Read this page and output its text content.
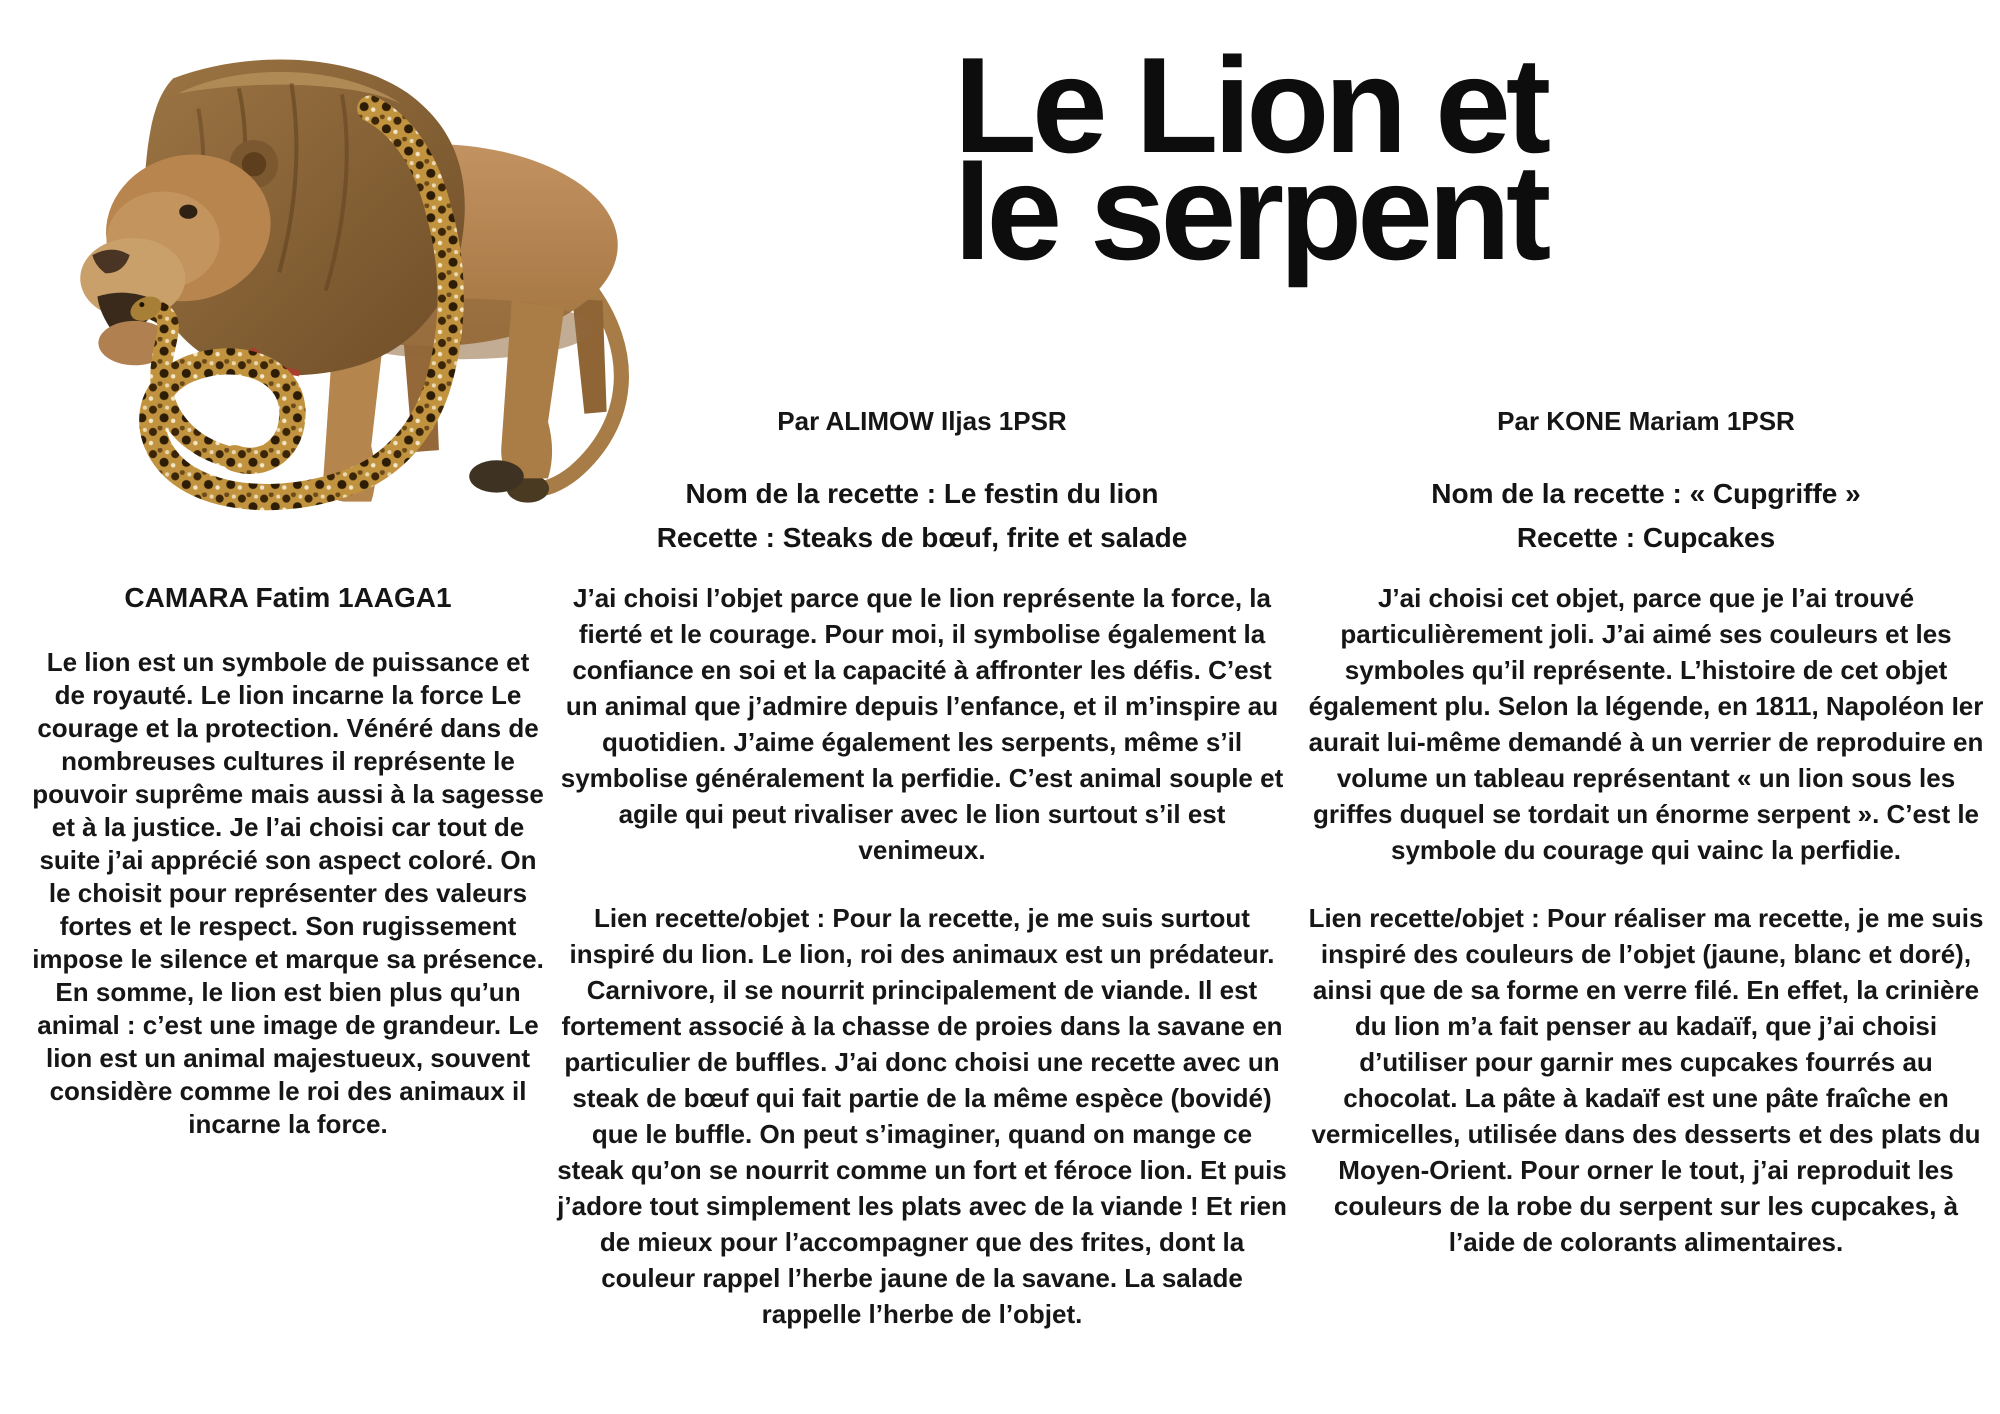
Le Lion et
le serpent
Par ALIMOW Iljas 1PSR	Par KONE Mariam 1PSR
Nom de la recette : Le festin du lion
Recette : Steaks de bœuf, frite et salade
Nom de la recette : « Cupgriffe »
Recette : Cupcakes
CAMARA Fatim 1AAGA1

Le lion est un symbole de puissance et de royauté. Le lion incarne la force Le courage et la protection. Vénéré dans de nombreuses cultures il représente le pouvoir suprême mais aussi à la sagesse et à la justice. Je l’ai choisi car tout de suite j’ai apprécié son aspect coloré. On le choisit pour représenter des valeurs fortes et le respect. Son rugissement impose le silence et marque sa présence. En somme, le lion est bien plus qu’un animal : c’est une image de grandeur. Le lion est un animal majestueux, souvent considère comme le roi des animaux il incarne la force.

J’ai choisi l’objet parce que le lion représente la force, la fierté et le courage. Pour moi, il symbolise également la confiance en soi et la capacité à affronter les défis. C’est un animal que j’admire depuis l’enfance, et il m’inspire au quotidien. J’aime également les serpents, même s’il symbolise généralement la perfidie. C’est animal souple et agile qui peut rivaliser avec le lion surtout s’il est venimeux.

Lien recette/objet : Pour la recette, je me suis surtout inspiré du lion. Le lion, roi des animaux est un prédateur. Carnivore, il se nourrit principalement de viande. Il est fortement associé à la chasse de proies dans la savane en particulier de buffles. J’ai donc choisi une recette avec un steak de bœuf qui fait partie de la même espèce (bovidé) que le buffle. On peut s’imaginer, quand on mange ce steak qu’on se nourrit comme un fort et féroce lion. Et puis j’adore tout simplement les plats avec de la viande ! Et rien de mieux pour l’accompagner que des frites, dont la couleur rappel l’herbe jaune de la savane. La salade rappelle l’herbe de l’objet.

J’ai choisi cet objet, parce que je l’ai trouvé particulièrement joli. J’ai aimé ses couleurs et les symboles qu’il représente. L’histoire de cet objet également plu. Selon la légende, en 1811, Napoléon Ier aurait lui-même demandé à un verrier de reproduire en volume un tableau représentant « un lion sous les griffes duquel se tordait un énorme serpent ». C’est le symbole du courage qui vainc la perfidie.

Lien recette/objet : Pour réaliser ma recette, je me suis inspiré des couleurs de l’objet (jaune, blanc et doré), ainsi que de sa forme en verre filé. En effet, la crinière du lion m’a fait penser au kadaïf, que j’ai choisi d’utiliser pour garnir mes cupcakes fourrés au chocolat. La pâte à kadaïf est une pâte fraîche en vermicelles, utilisée dans des desserts et des plats du Moyen-Orient. Pour orner le tout, j’ai reproduit les couleurs de la robe du serpent sur les cupcakes, à l’aide de colorants alimentaires.
